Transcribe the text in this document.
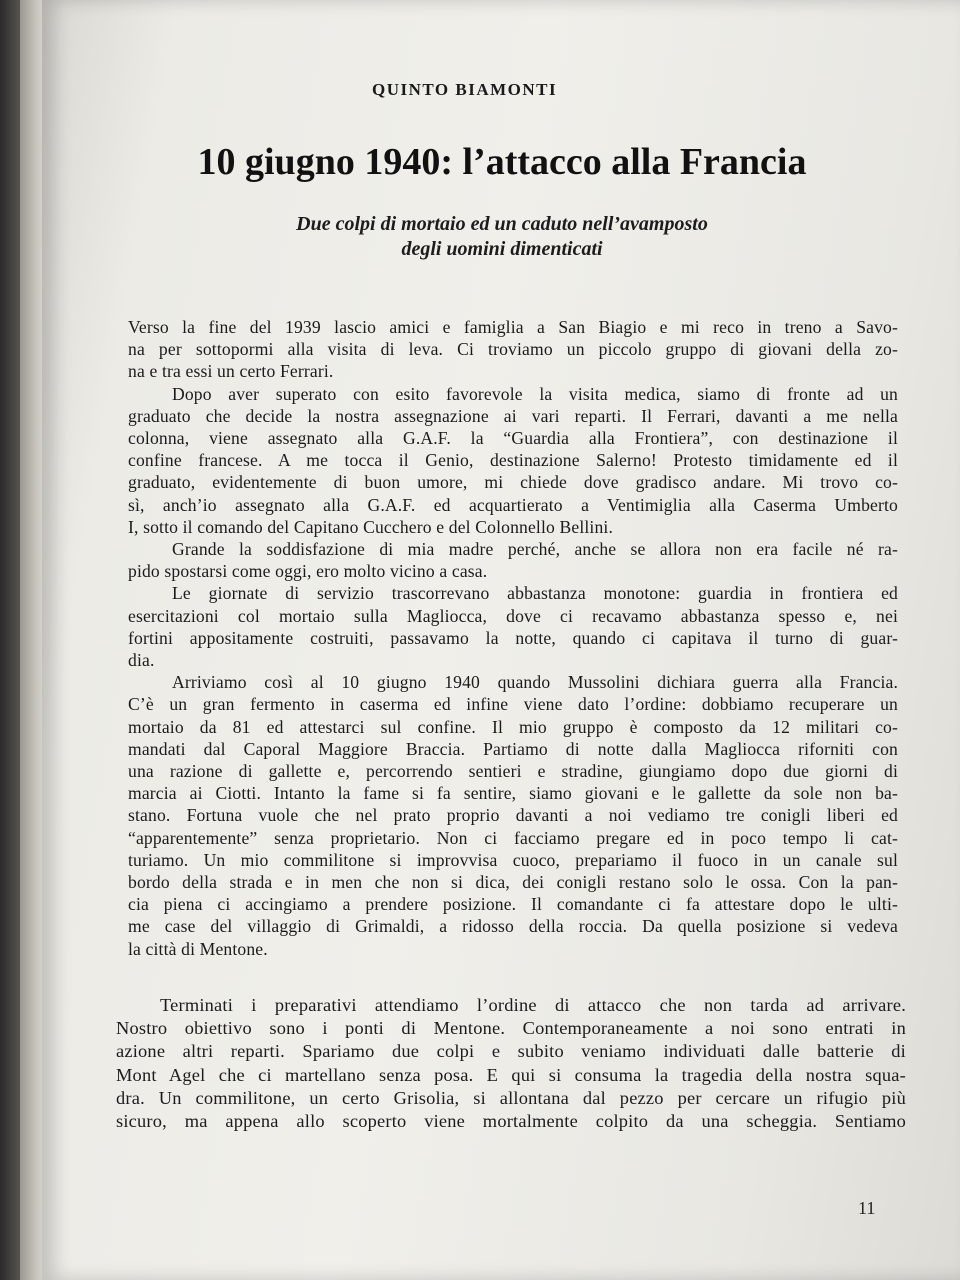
QUINTO BIAMONTI
10 giugno 1940: l’attacco alla Francia
Due colpi di mortaio ed un caduto nell’avamposto
degli uomini dimenticati
Verso la fine del 1939 lascio amici e famiglia a San Biagio e mi reco in treno a Savo-
na per sottopormi alla visita di leva. Ci troviamo un piccolo gruppo di giovani della zo-
na e tra essi un certo Ferrari.
Dopo aver superato con esito favorevole la visita medica, siamo di fronte ad un
graduato che decide la nostra assegnazione ai vari reparti. Il Ferrari, davanti a me nella
colonna, viene assegnato alla G.A.F. la “Guardia alla Frontiera”, con destinazione il
confine francese. A me tocca il Genio, destinazione Salerno! Protesto timidamente ed il
graduato, evidentemente di buon umore, mi chiede dove gradisco andare. Mi trovo co-
sì, anch’io assegnato alla G.A.F. ed acquartierato a Ventimiglia alla Caserma Umberto
I, sotto il comando del Capitano Cucchero e del Colonnello Bellini.
Grande la soddisfazione di mia madre perché, anche se allora non era facile né ra-
pido spostarsi come oggi, ero molto vicino a casa.
Le giornate di servizio trascorrevano abbastanza monotone: guardia in frontiera ed
esercitazioni col mortaio sulla Magliocca, dove ci recavamo abbastanza spesso e, nei
fortini appositamente costruiti, passavamo la notte, quando ci capitava il turno di guar-
dia.
Arriviamo così al 10 giugno 1940 quando Mussolini dichiara guerra alla Francia.
C’è un gran fermento in caserma ed infine viene dato l’ordine: dobbiamo recuperare un
mortaio da 81 ed attestarci sul confine. Il mio gruppo è composto da 12 militari co-
mandati dal Caporal Maggiore Braccia. Partiamo di notte dalla Magliocca riforniti con
una razione di gallette e, percorrendo sentieri e stradine, giungiamo dopo due giorni di
marcia ai Ciotti. Intanto la fame si fa sentire, siamo giovani e le gallette da sole non ba-
stano. Fortuna vuole che nel prato proprio davanti a noi vediamo tre conigli liberi ed
“apparentemente” senza proprietario. Non ci facciamo pregare ed in poco tempo li cat-
turiamo. Un mio commilitone si improvvisa cuoco, prepariamo il fuoco in un canale sul
bordo della strada e in men che non si dica, dei conigli restano solo le ossa. Con la pan-
cia piena ci accingiamo a prendere posizione. Il comandante ci fa attestare dopo le ulti-
me case del villaggio di Grimaldi, a ridosso della roccia. Da quella posizione si vedeva
la città di Mentone.
Terminati i preparativi attendiamo l’ordine di attacco che non tarda ad arrivare.
Nostro obiettivo sono i ponti di Mentone. Contemporaneamente a noi sono entrati in
azione altri reparti. Spariamo due colpi e subito veniamo individuati dalle batterie di
Mont Agel che ci martellano senza posa. E qui si consuma la tragedia della nostra squa-
dra. Un commilitone, un certo Grisolia, si allontana dal pezzo per cercare un rifugio più
sicuro, ma appena allo scoperto viene mortalmente colpito da una scheggia. Sentiamo
11
